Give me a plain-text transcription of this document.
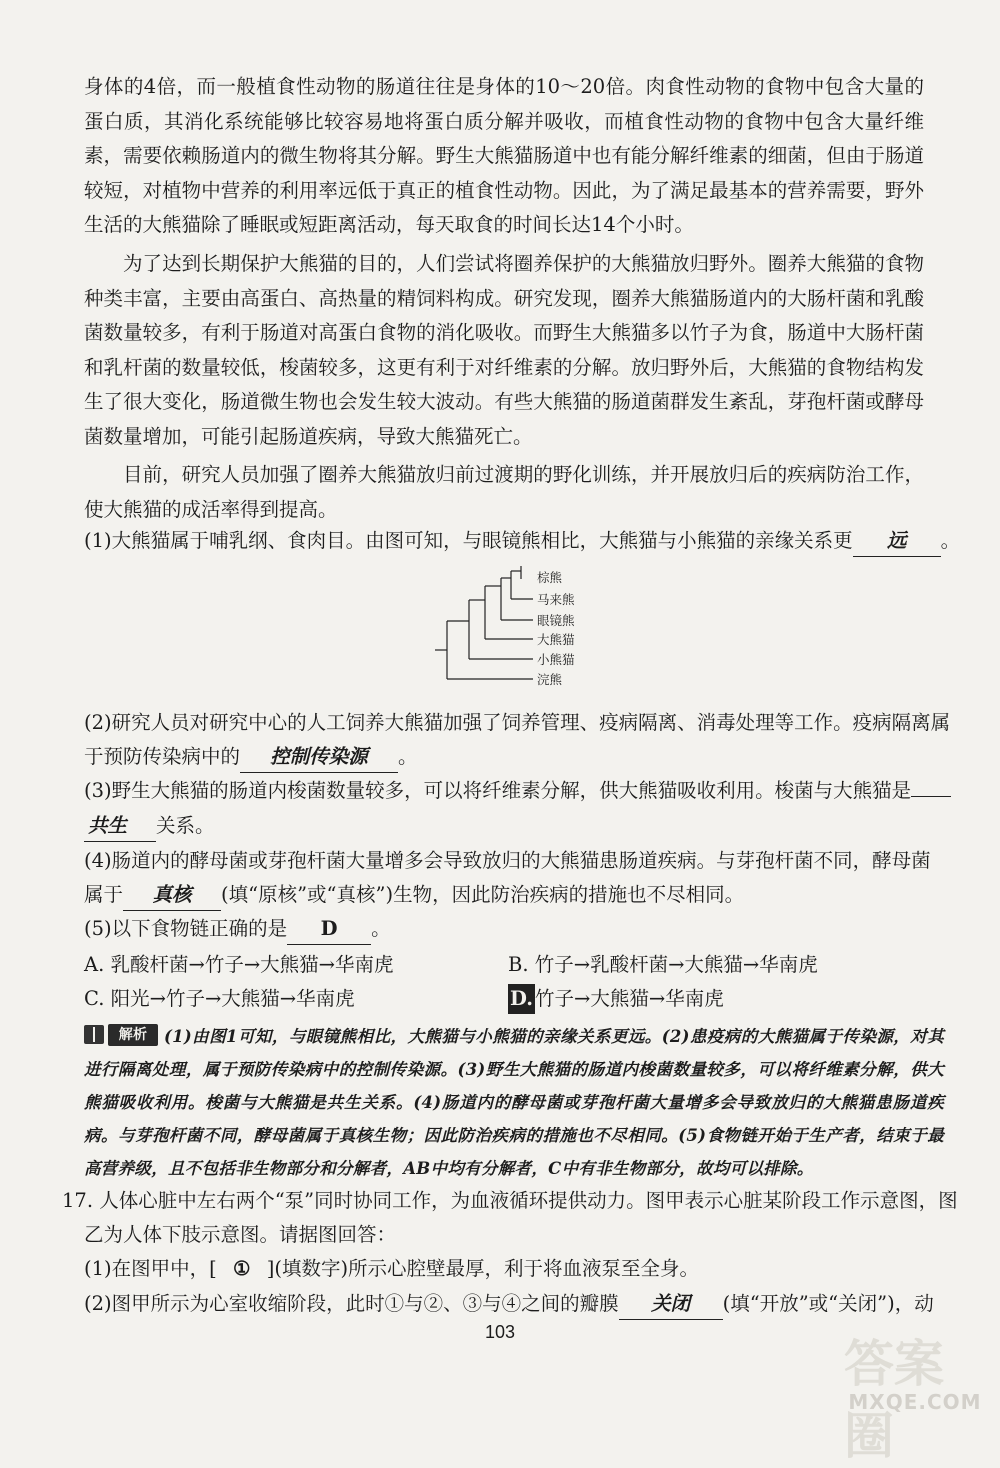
身体的4倍，而一般植食性动物的肠道往往是身体的10～20倍。肉食性动物的食物中包含大量的蛋白质，其消化系统能够比较容易地将蛋白质分解并吸收，而植食性动物的食物中包含大量纤维素，需要依赖肠道内的微生物将其分解。野生大熊猫肠道中也有能分解纤维素的细菌，但由于肠道较短，对植物中营养的利用率远低于真正的植食性动物。因此，为了满足最基本的营养需要，野外生活的大熊猫除了睡眠或短距离活动，每天取食的时间长达14个小时。
为了达到长期保护大熊猫的目的，人们尝试将圈养保护的大熊猫放归野外。圈养大熊猫的食物种类丰富，主要由高蛋白、高热量的精饲料构成。研究发现，圈养大熊猫肠道内的大肠杆菌和乳酸菌数量较多，有利于肠道对高蛋白食物的消化吸收。而野生大熊猫多以竹子为食，肠道中大肠杆菌和乳杆菌的数量较低，梭菌较多，这更有利于对纤维素的分解。放归野外后，大熊猫的食物结构发生了很大变化，肠道微生物也会发生较大波动。有些大熊猫的肠道菌群发生紊乱，芽孢杆菌或酵母菌数量增加，可能引起肠道疾病，导致大熊猫死亡。
目前，研究人员加强了圈养大熊猫放归前过渡期的野化训练，并开展放归后的疾病防治工作，使大熊猫的成活率得到提高。
(1)大熊猫属于哺乳纲、食肉目。由图可知，与眼镜熊相比，大熊猫与小熊猫的亲缘关系更 远 。
棕熊
马来熊
眼镜熊
大熊猫
小熊猫
浣熊
(2)研究人员对研究中心的人工饲养大熊猫加强了饲养管理、疫病隔离、消毒处理等工作。疫病隔离属
于预防传染病中的 控制传染源 。
(3)野生大熊猫的肠道内梭菌数量较多，可以将纤维素分解，供大熊猫吸收利用。梭菌与大熊猫是
共生 关系。
(4)肠道内的酵母菌或芽孢杆菌大量增多会导致放归的大熊猫患肠道疾病。与芽孢杆菌不同，酵母菌
属于 真核 (填“原核”或“真核”)生物，因此防治疾病的措施也不尽相同。
(5)以下食物链正确的是 D 。
A. 乳酸杆菌→竹子→大熊猫→华南虎	B. 竹子→乳酸杆菌→大熊猫→华南虎
C. 阳光→竹子→大熊猫→华南虎	D. 竹子→大熊猫→华南虎
解析	(1)由图1可知，与眼镜熊相比，大熊猫与小熊猫的亲缘关系更远。(2)患疫病的大熊猫属于传染源，对其进行隔离处理，属于预防传染病中的控制传染源。(3)野生大熊猫的肠道内梭菌数量较多，可以将纤维素分解，供大熊猫吸收利用。梭菌与大熊猫是共生关系。(4)肠道内的酵母菌或芽孢杆菌大量增多会导致放归的大熊猫患肠道疾病。与芽孢杆菌不同，酵母菌属于真核生物；因此防治疾病的措施也不尽相同。(5)食物链开始于生产者，结束于最高营养级，且不包括非生物部分和分解者，AB中均有分解者，C中有非生物部分，故均可以排除。
17. 人体心脏中左右两个“泵”同时协同工作，为血液循环提供动力。图甲表示心脏某阶段工作示意图，图
乙为人体下肢示意图。请据图回答：
(1)在图甲中，[ ① ](填数字)所示心腔壁最厚，利于将血液泵至全身。
(2)图甲所示为心室收缩阶段，此时①与②、③与④之间的瓣膜 关闭 (填“开放”或“关闭”)，动
103
答案圈
MXQE.COM
